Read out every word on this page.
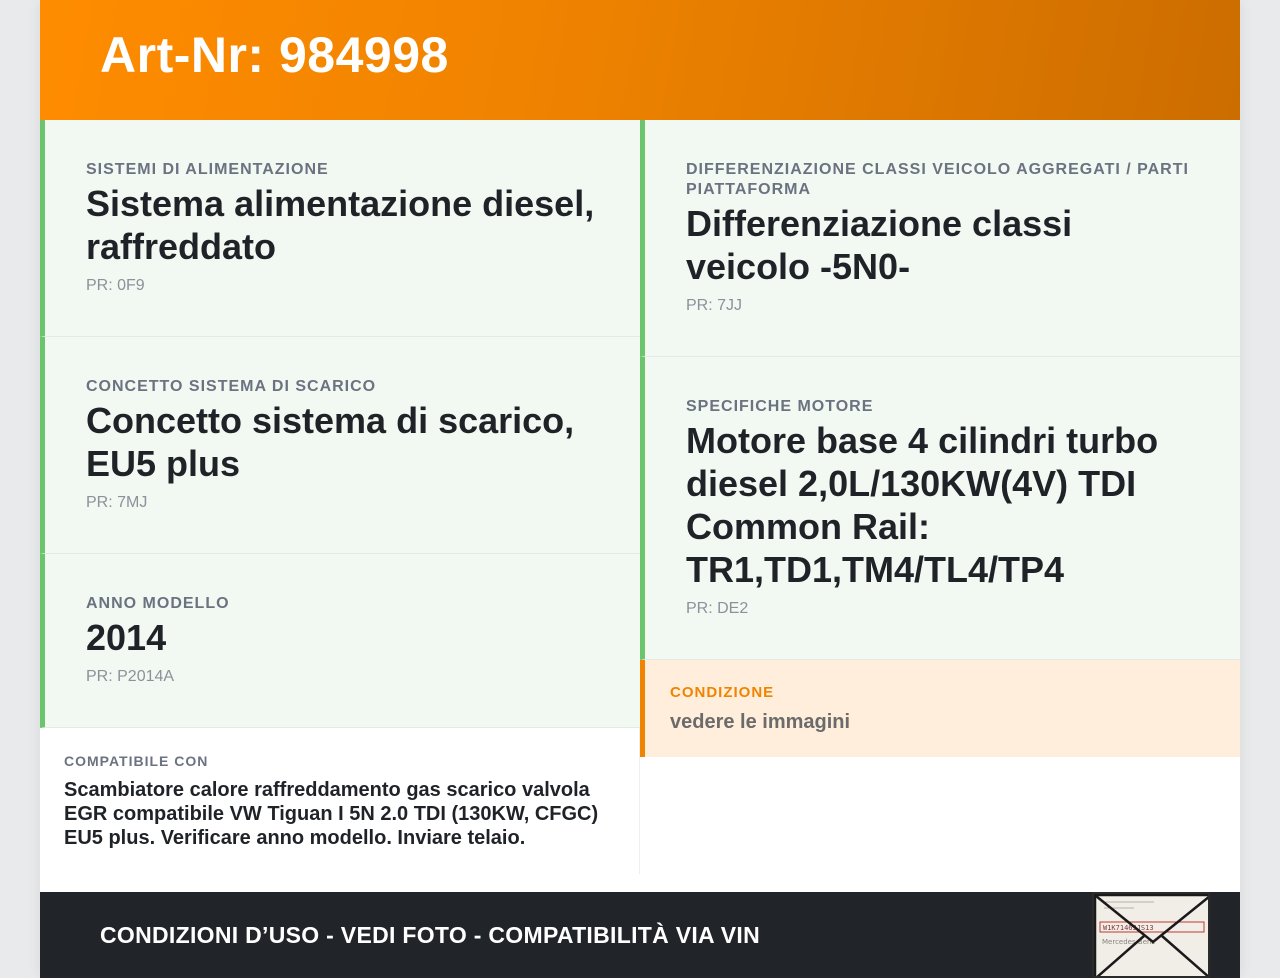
Art-Nr: 984998
SISTEMI DI ALIMENTAZIONE
Sistema alimentazione diesel, raffreddato
PR: 0F9
CONCETTO SISTEMA DI SCARICO
Concetto sistema di scarico, EU5 plus
PR: 7MJ
ANNO MODELLO
2014
PR: P2014A
COMPATIBILE CON
Scambiatore calore raffreddamento gas scarico valvola EGR compatibile VW Tiguan I 5N 2.0 TDI (130KW, CFGC) EU5 plus. Verificare anno modello. Inviare telaio.
DIFFERENZIAZIONE CLASSI VEICOLO AGGREGATI / PARTI PIATTAFORMA
Differenziazione classi veicolo -5N0-
PR: 7JJ
SPECIFICHE MOTORE
Motore base 4 cilindri turbo diesel 2,0L/130KW(4V) TDI Common Rail: TR1,TD1,TM4/TL4/TP4
PR: DE2
CONDIZIONE
vedere le immagini
CONDIZIONI D’USO - VEDI FOTO - COMPATIBILITÀ VIA VIN	W1K71463JS13
Mercedes-Benz
